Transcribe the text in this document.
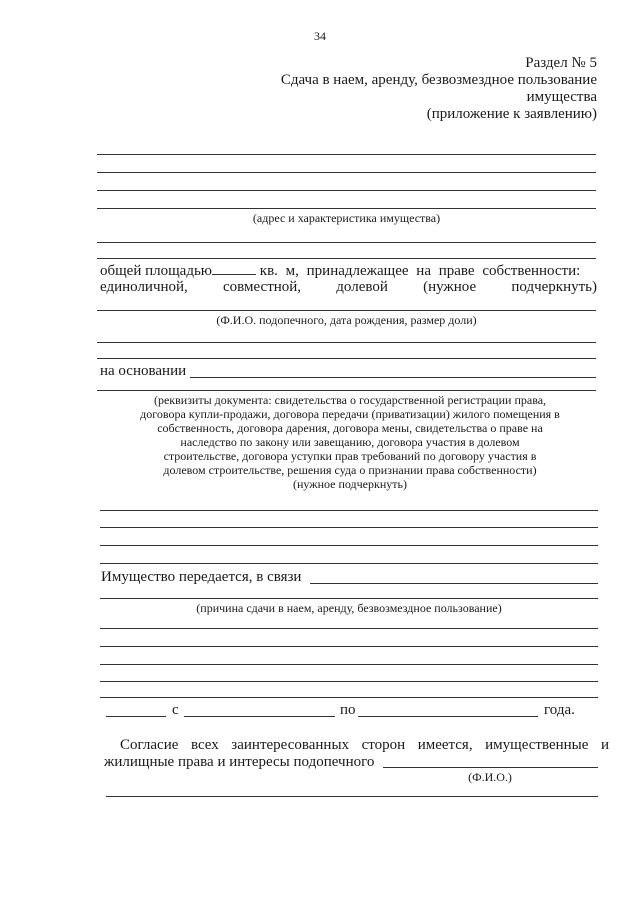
34
Раздел № 5
Сдача в наем, аренду, безвозмездное пользование
имущества
(приложение к заявлению)
(адрес и характеристика имущества)
общей площадью	кв. м, принадлежащее на праве собственности:
единоличной, совместной, долевой (нужное подчеркнуть)
(Ф.И.О. подопечного, дата рождения, размер доли)
на основании
(реквизиты документа: свидетельства о государственной регистрации права,
договора купли-продажи, договора передачи (приватизации) жилого помещения в
собственность, договора дарения, договора мены, свидетельства о праве на
наследство по закону или завещанию, договора участия в долевом
строительстве, договора уступки прав требований по договору участия в
долевом строительстве, решения суда о признании права собственности)
(нужное подчеркнуть)
Имущество передается, в связи
(причина сдачи в наем, аренду, безвозмездное пользование)
с	по	года.
Согласие всех заинтересованных сторон имеется, имущественные и
жилищные права и интересы подопечного
(Ф.И.О.)
